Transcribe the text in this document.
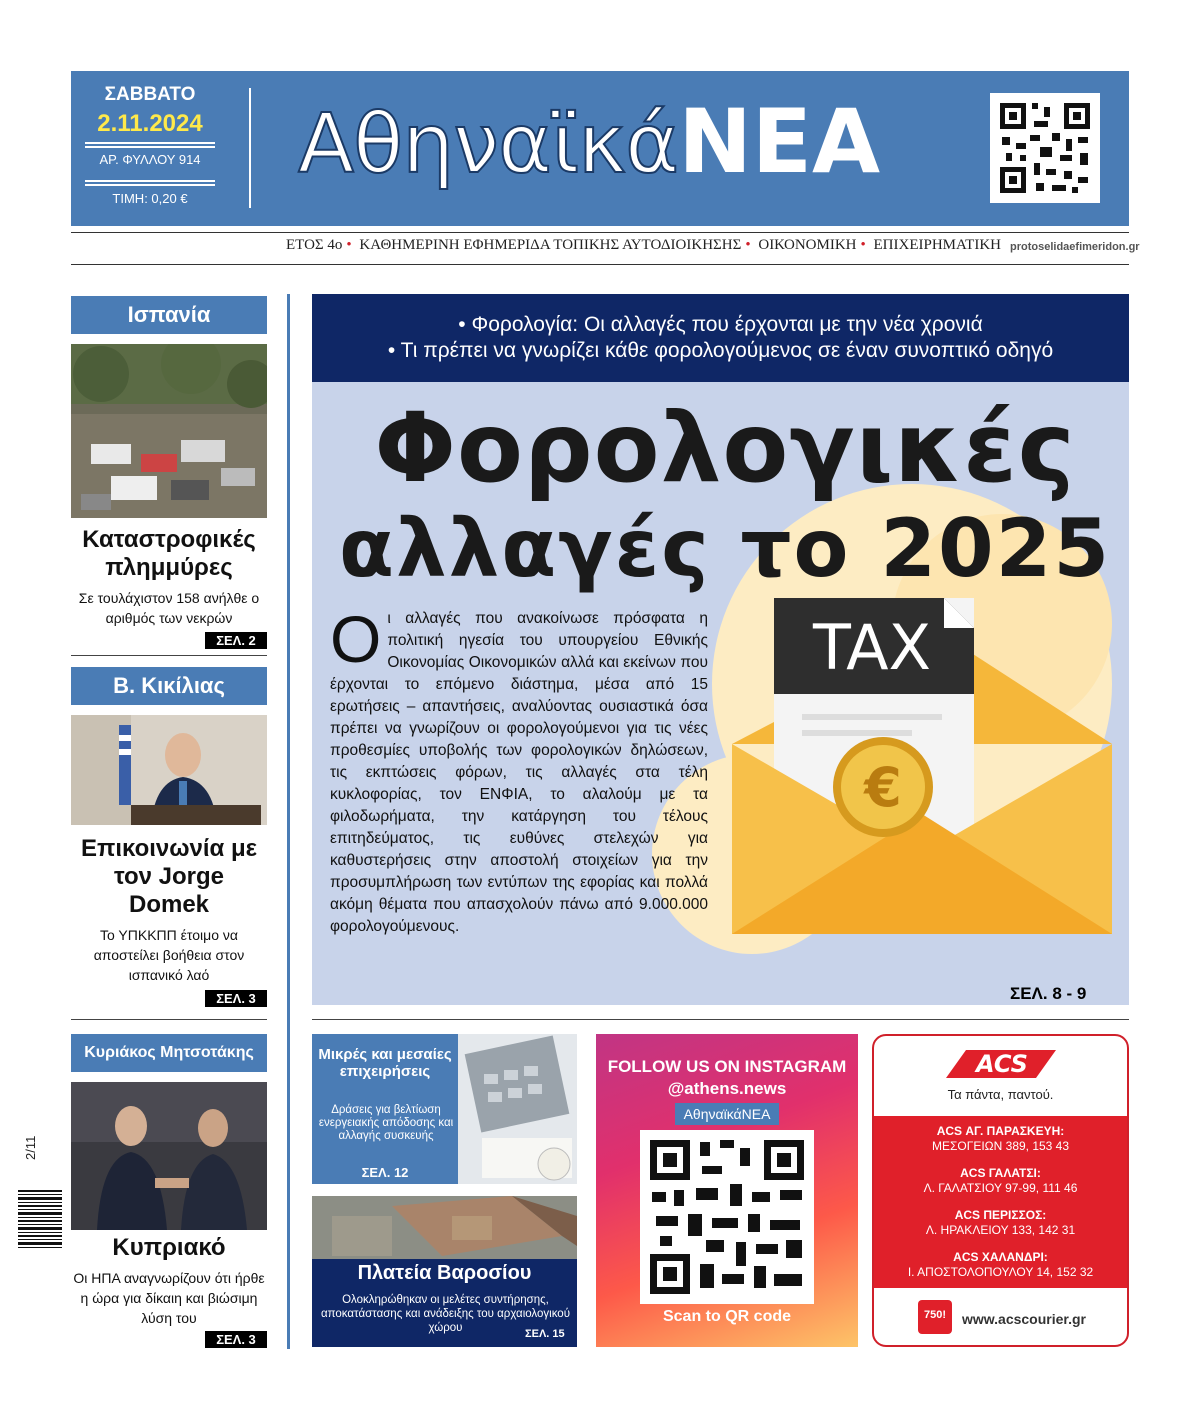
ΣΑΒΒΑΤΟ
2.11.2024
ΑΡ. ΦΥΛΛΟΥ 914
ΤΙΜΗ: 0,20 €
ΑθηναϊκάΝΕΑ
ΕΤΟΣ 4ο • ΚΑΘΗΜΕΡΙΝΗ ΕΦΗΜΕΡΙΔΑ ΤΟΠΙΚΗΣ ΑΥΤΟΔΙΟΙΚΗΣΗΣ • ΟΙΚΟΝΟΜΙΚΗ • ΕΠΙΧΕΙΡΗΜΑΤΙΚΗ protoselidaefimeridon.gr
Ισπανία
Καταστροφικές πλημμύρες
Σε τουλάχιστον 158 ανήλθε ο αριθμός των νεκρών
ΣΕΛ. 2
Β. Κικίλιας
Επικοινωνία με τον Jorge Domek
Το ΥΠΚΚΠΠ έτοιμο να αποστείλει βοήθεια στον ισπανικό λαό
ΣΕΛ. 3
Κυριάκος Μητσοτάκης
Κυπριακό
Οι ΗΠΑ αναγνωρίζουν ότι ήρθε η ώρα για δίκαιη και βιώσιμη λύση του
ΣΕΛ. 3
2/11
€
TAX
• Φορολογία: Οι αλλαγές που έρχονται με την νέα χρονιά
• Τι πρέπει να γνωρίζει κάθε φορολογούμενος σε έναν συνοπτικό οδηγό
Φορολογικές
αλλαγές το 2025
Οι αλλαγές που ανακοίνωσε πρόσφατα η πολιτική ηγεσία του υπουργείου Εθνικής Οικονομίας Οικονομικών αλλά και εκείνων που έρχονται το επόμενο διάστημα, μέσα από 15 ερωτήσεις – απαντήσεις, αναλύοντας ουσιαστικά όσα πρέπει να γνωρίζουν οι φορολογούμενοι για τις νέες προθεσμίες υποβολής των φορολογικών δηλώσεων, τις εκπτώσεις φόρων, τις αλλαγές στα τέλη κυκλοφορίας, τον ΕΝΦΙΑ, το αλαλούμ με τα φιλοδωρήματα, την κατάργηση του τέλους επιτηδεύματος, τις ευθύνες στελεχών για καθυστερήσεις στην αποστολή στοιχείων για την προσυμπλήρωση των εντύπων της εφορίας και πολλά ακόμη θέματα που απασχολούν πάνω από 9.000.000 φορολογούμενους.
ΣΕΛ. 8 - 9
Μικρές και μεσαίες επιχειρήσεις
Δράσεις για βελτίωση ενεργειακής απόδοσης και αλλαγής συσκευής
ΣΕΛ. 12
Πλατεία Βαροσίου
Ολοκληρώθηκαν οι μελέτες συντήρησης, αποκατάστασης και ανάδειξης του αρχαιολογικού χώρου	ΣΕΛ. 15
FOLLOW US ON INSTAGRAM
@athens.news
ΑθηναϊκάΝΕΑ
Scan to QR code
ACS
Τα πάντα, παντού.
ACS ΑΓ. ΠΑΡΑΣΚΕΥΗ:
ΜΕΣΟΓΕΙΩΝ 389, 153 43
ACS ΓΑΛΑΤΣΙ:
Λ. ΓΑΛΑΤΣΙΟΥ 97-99, 111 46
ACS ΠΕΡΙΣΣΟΣ:
Λ. ΗΡΑΚΛΕΙΟΥ 133, 142 31
ACS ΧΑΛΑΝΔΡΙ:
Ι. ΑΠΟΣΤΟΛΟΠΟΥΛΟΥ 14, 152 32
750!	www.acscourier.gr
